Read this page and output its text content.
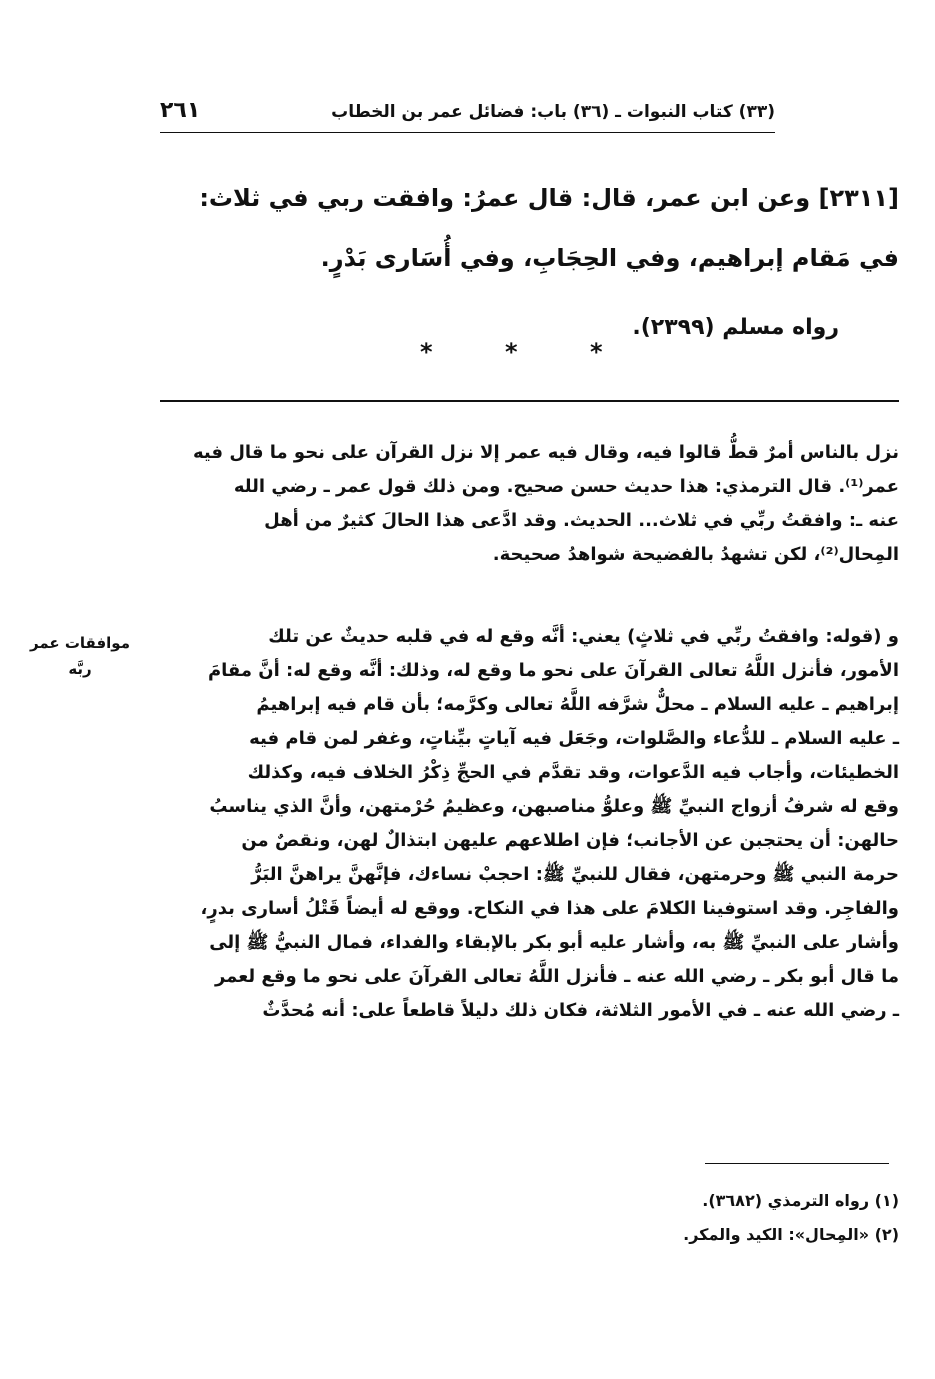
(٣٣) كتاب النبوات ـ (٣٦) باب: فضائل عمر بن الخطاب
٢٦١
[٢٣١١] وعن ابن عمر، قال: قال عمرُ: وافقت ربي في ثلاث:
في مَقام إبراهيم، وفي الحِجَابِ، وفي أُسَارى بَدْرٍ.
رواه مسلم (٢٣٩٩).
*	*	*
نزل بالناس أمرٌ قطُّ قالوا فيه، وقال فيه عمر إلا نزل القرآن على نحو ما قال فيه
عمر⁽¹⁾. قال الترمذي: هذا حديث حسن صحيح. ومن ذلك قول عمر ـ رضي الله
عنه ـ: وافقتُ ربِّي في ثلاث... الحديث. وقد ادَّعى هذا الحالَ كثيرٌ من أهل
المِحال⁽²⁾، لكن تشهدُ بالفضيحة شواهدُ صحيحة.
و (قوله: وافقتُ ربِّي في ثلاثٍ) يعني: أنَّه وقع له في قلبه حديثٌ عن تلك
الأمور، فأنزل اللَّهُ تعالى القرآنَ على نحو ما وقع له، وذلك: أنَّه وقع له: أنَّ مقامَ
إبراهيم ـ عليه السلام ـ محلٌّ شرَّفه اللَّهُ تعالى وكرَّمه؛ بأن قام فيه إبراهيمُ
ـ عليه السلام ـ للدُّعاء والصَّلوات، وجَعَل فيه آياتٍ بيِّناتٍ، وغفر لمن قام فيه
الخطيئات، وأجاب فيه الدَّعوات، وقد تقدَّم في الحجِّ ذِكْرُ الخلاف فيه، وكذلك
وقع له شرفُ أزواج النبيِّ ﷺ وعلوُّ مناصبهن، وعظيمُ حُرْمتهن، وأنَّ الذي يناسبُ
حالهن: أن يحتجبن عن الأجانب؛ فإن اطلاعهم عليهن ابتذالٌ لهن، ونقصٌ من
حرمة النبي ﷺ وحرمتهن، فقال للنبيِّ ﷺ: احجبْ نساءك، فإنَّهنَّ يراهنَّ البَرُّ
والفاجِر. وقد استوفينا الكلامَ على هذا في النكاح. ووقع له أيضاً قَتْلُ أسارى بدرٍ،
وأشار على النبيِّ ﷺ به، وأشار عليه أبو بكر بالإبقاء والفداء، فمال النبيُّ ﷺ إلى
ما قال أبو بكر ـ رضي الله عنه ـ فأنزل اللَّهُ تعالى القرآنَ على نحو ما وقع لعمر
ـ رضي الله عنه ـ في الأمور الثلاثة، فكان ذلك دليلاً قاطعاً على: أنه مُحدَّثٌ
موافقات عمر
ربَّه
(١) رواه الترمذي (٣٦٨٢).
(٢) «المِحال»: الكيد والمكر.
